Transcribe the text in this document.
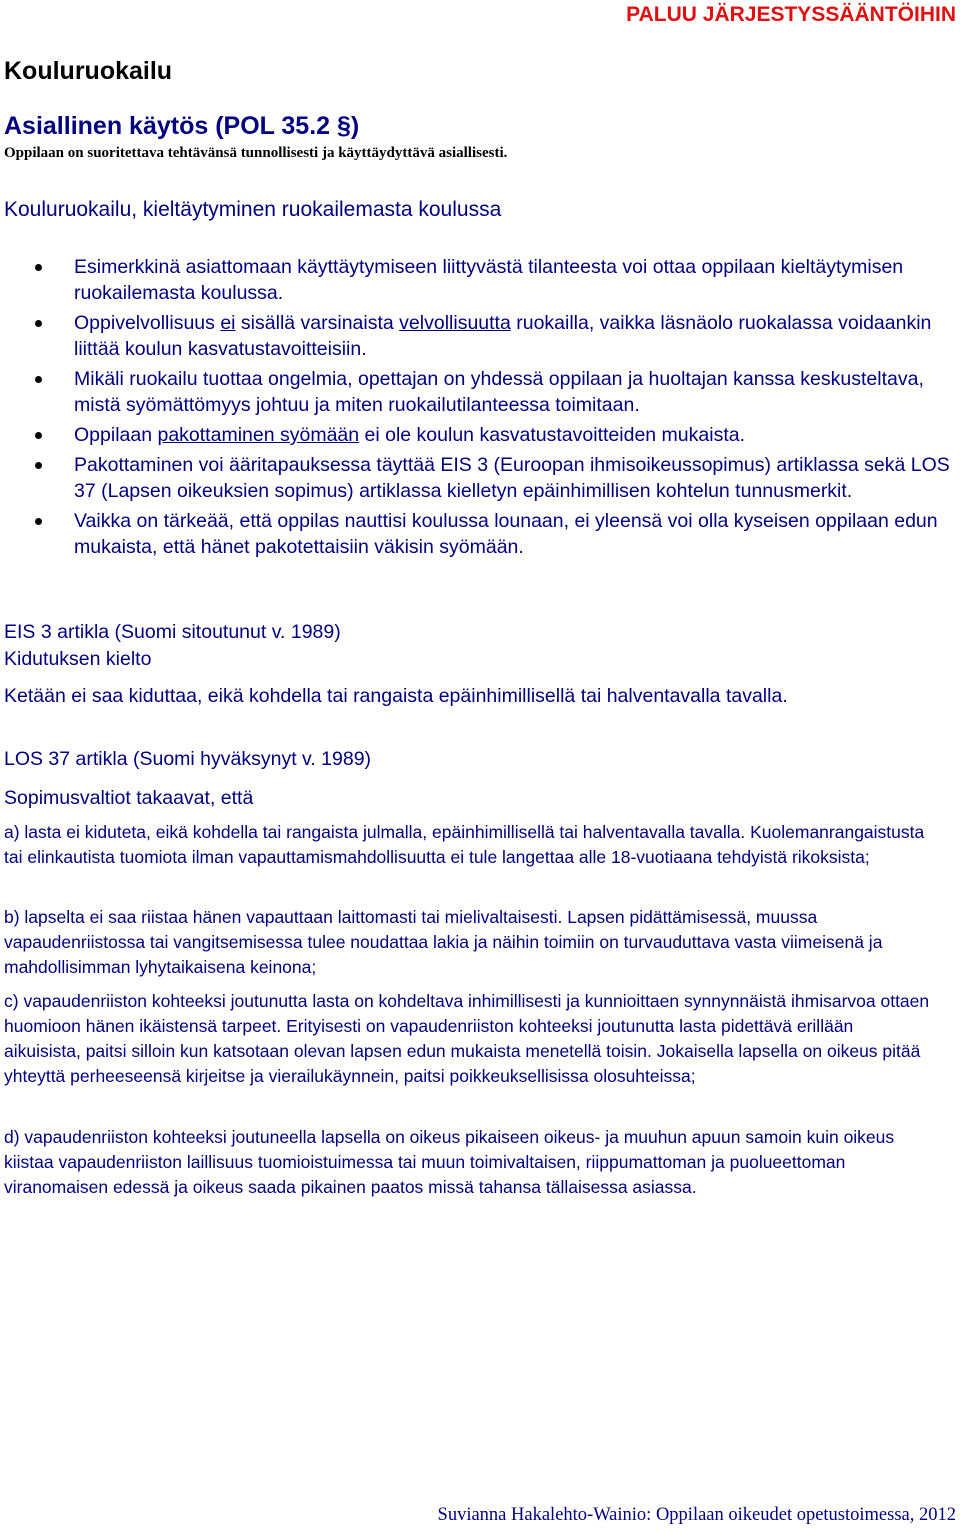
PALUU JÄRJESTYSSÄÄNTÖIHIN
Kouluruokailu
Asiallinen käytös (POL 35.2 §)

Oppilaan on suoritettava tehtävänsä tunnollisesti ja käyttäydyttävä asiallisesti.

Kouluruokailu, kieltäytyminen ruokailemasta koulussa
Esimerkkinä asiattomaan käyttäytymiseen liittyvästä tilanteesta voi ottaa oppilaan kieltäytymisen ruokailemasta koulussa.
Oppivelvollisuus ei sisällä varsinaista velvollisuutta ruokailla, vaikka läsnäolo ruokalassa voidaankin liittää koulun kasvatustavoitteisiin.
Mikäli ruokailu tuottaa ongelmia, opettajan on yhdessä oppilaan ja huoltajan kanssa keskusteltava, mistä syömättömyys johtuu ja miten ruokailutilanteessa toimitaan.
Oppilaan pakottaminen syömään ei ole koulun kasvatustavoitteiden mukaista.
Pakottaminen voi ääritapauksessa täyttää EIS 3 (Euroopan ihmisoikeussopimus) artiklassa sekä LOS 37 (Lapsen oikeuksien sopimus) artiklassa kielletyn epäinhimillisen kohtelun tunnusmerkit.
Vaikka on tärkeää, että oppilas nauttisi koulussa lounaan, ei yleensä voi olla kyseisen oppilaan edun mukaista, että hänet pakotettaisiin väkisin syömään.

EIS 3 artikla (Suomi sitoutunut v. 1989)

Kidutuksen kielto

Ketään ei saa kiduttaa, eikä kohdella tai rangaista epäinhimillisellä tai halventavalla tavalla.

LOS 37 artikla (Suomi hyväksynyt v. 1989)

Sopimusvaltiot takaavat, että

a) lasta ei kiduteta, eikä kohdella tai rangaista julmalla, epäinhimillisellä tai halventavalla tavalla. Kuolemanrangaistusta tai elinkautista tuomiota ilman vapauttamismahdollisuutta ei tule langettaa alle 18-vuotiaana tehdyistä rikoksista;

b) lapselta ei saa riistaa hänen vapauttaan laittomasti tai mielivaltaisesti. Lapsen pidättämisessä, muussa vapaudenriistossa tai vangitsemisessa tulee noudattaa lakia ja näihin toimiin on turvauduttava vasta viimeisenä ja mahdollisimman lyhytaikaisena keinona;

c) vapaudenriiston kohteeksi joutunutta lasta on kohdeltava inhimillisesti ja kunnioittaen synnynnäistä ihmisarvoa ottaen huomioon hänen ikäistensä tarpeet. Erityisesti on vapaudenriiston kohteeksi joutunutta lasta pidettävä erillään aikuisista, paitsi silloin kun katsotaan olevan lapsen edun mukaista menetellä toisin. Jokaisella lapsella on oikeus pitää yhteyttä perheeseensä kirjeitse ja vierailukäynnein, paitsi poikkeuksellisissa olosuhteissa;

d) vapaudenriiston kohteeksi joutuneella lapsella on oikeus pikaiseen oikeus- ja muuhun apuun samoin kuin oikeus kiistaa vapaudenriiston laillisuus tuomioistuimessa tai muun toimivaltaisen, riippumattoman ja puolueettoman viranomaisen edessä ja oikeus saada pikainen paatos missä tahansa tällaisessa asiassa.

Suvianna Hakalehto-Wainio: Oppilaan oikeudet opetustoimessa, 2012
